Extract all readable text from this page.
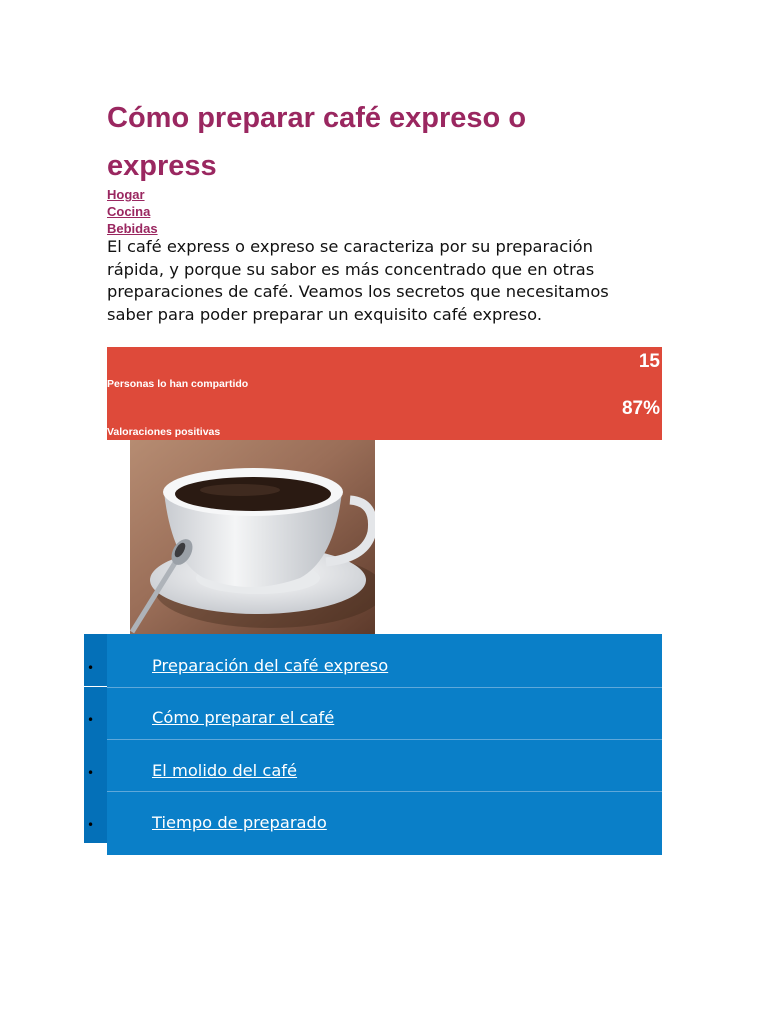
Cómo preparar café expreso o express
Hogar
Cocina
Bebidas

El café express o expreso se caracteriza por su preparación rápida, y porque su sabor es más concentrado que en otras preparaciones de café. Veamos los secretos que necesitamos saber para poder preparar un exquisito café expreso.

15
Personas lo han compartido
87%
Valoraciones positivas
•
•
•
•
Preparación del café expreso
Cómo preparar el café
El molido del café
Tiempo de preparado
